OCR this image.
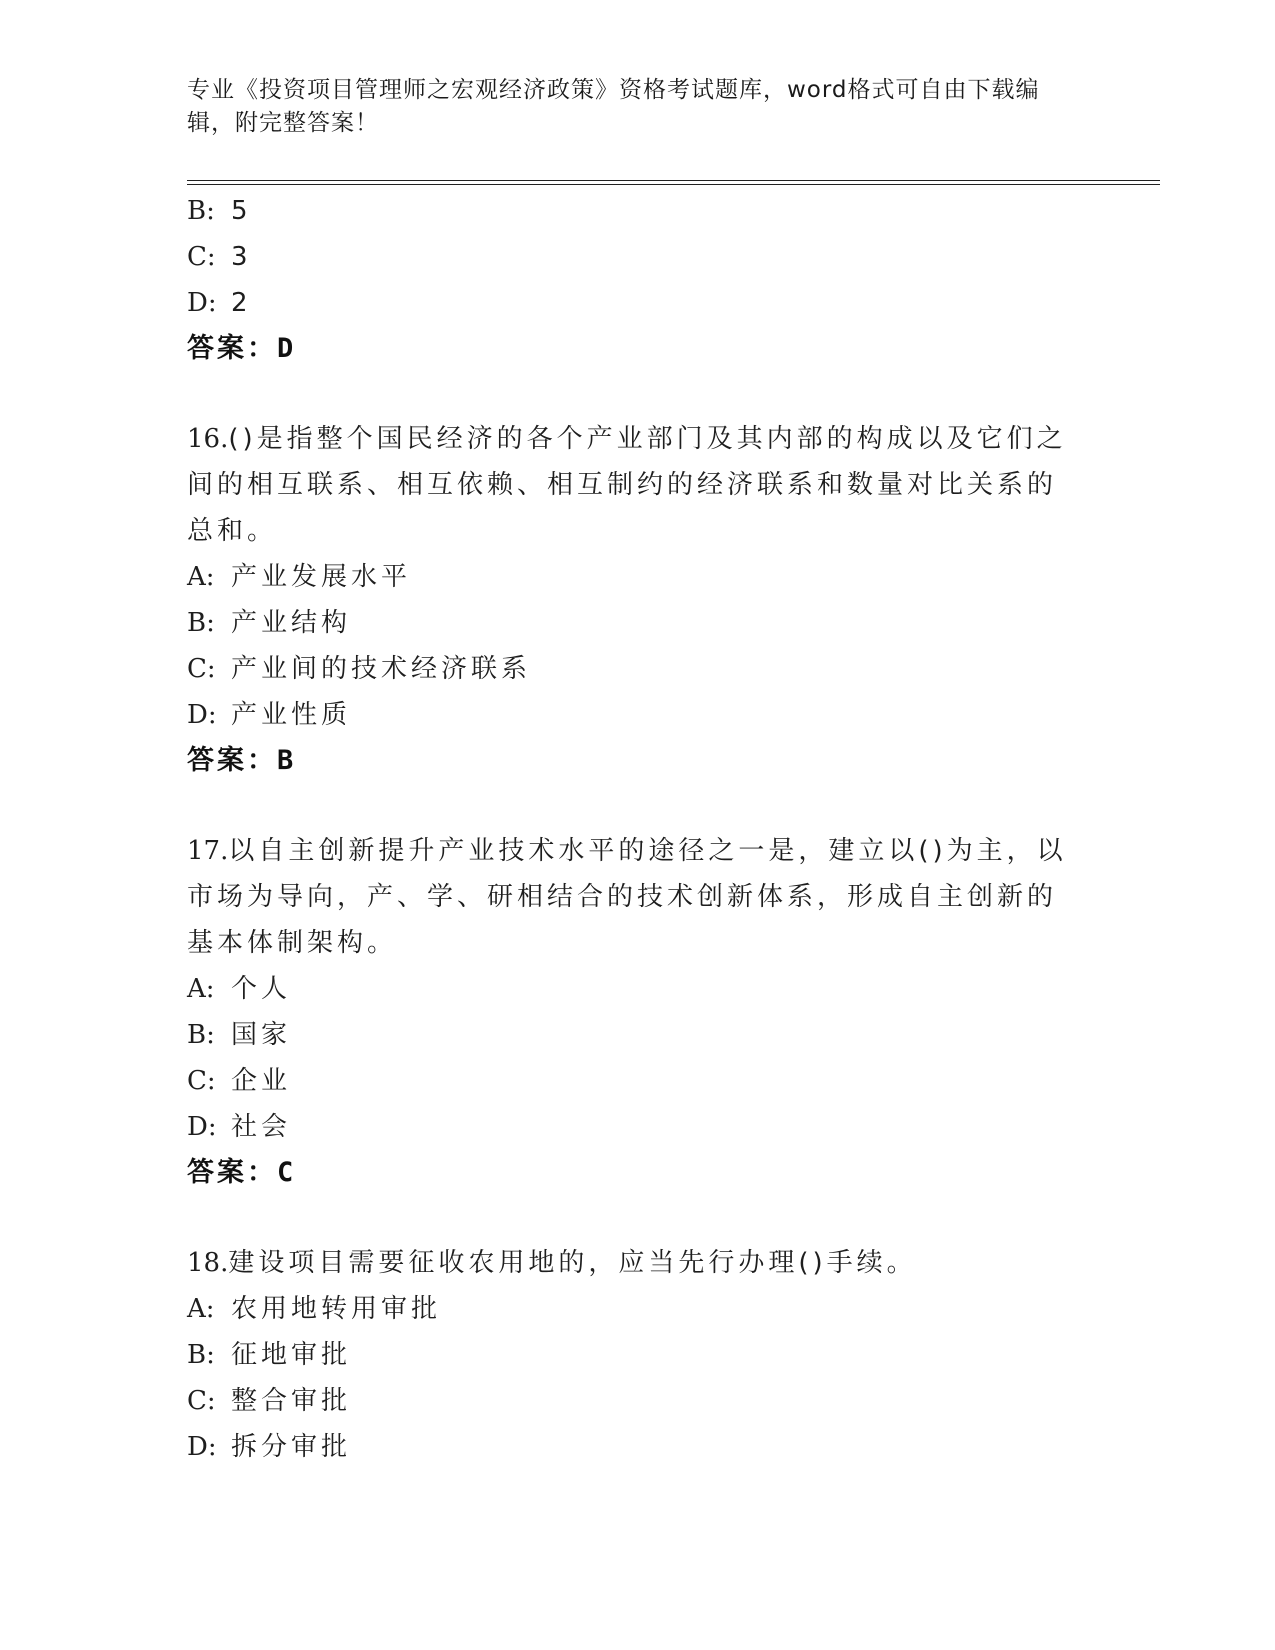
专业《投资项目管理师之宏观经济政策》资格考试题库，word格式可自由下载编辑，附完整答案！
B: 5
C: 3
D: 2
答案：D
16.()是指整个国民经济的各个产业部门及其内部的构成以及它们之间的相互联系、相互依赖、相互制约的经济联系和数量对比关系的总和。
A: 产业发展水平
B: 产业结构
C: 产业间的技术经济联系
D: 产业性质
答案：B
17.以自主创新提升产业技术水平的途径之一是，建立以()为主，以市场为导向，产、学、研相结合的技术创新体系，形成自主创新的基本体制架构。
A: 个人
B: 国家
C: 企业
D: 社会
答案：C
18.建设项目需要征收农用地的，应当先行办理()手续。
A: 农用地转用审批
B: 征地审批
C: 整合审批
D: 拆分审批
